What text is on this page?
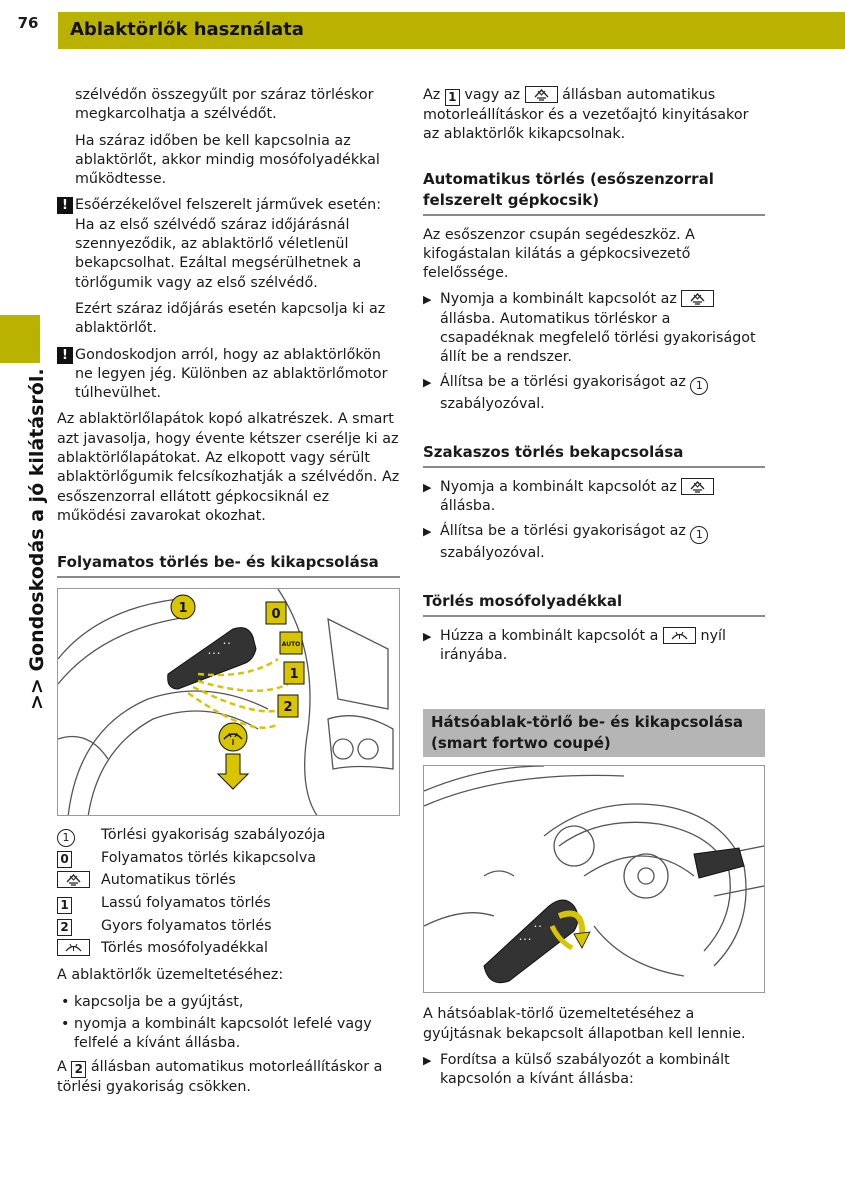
76	Ablaktörlők használata
>> Gondoskodás a jó kilátásról.
szélvédőn összegyűlt por száraz törléskor megkarcolhatja a szélvédőt.
Ha száraz időben be kell kapcsolnia az ablaktörlőt, akkor mindig mosófolyadékkal működtesse.
! Esőérzékelővel felszerelt járművek esetén: Ha az első szélvédő száraz időjárásnál szennyeződik, az ablaktörlő véletlenül bekapcsolhat. Ezáltal megsérülhetnek a törlőgumik vagy az első szélvédő.
Ezért száraz időjárás esetén kapcsolja ki az ablaktörlőt.
! Gondoskodjon arról, hogy az ablaktörlőkön ne legyen jég. Különben az ablaktörlőmotor túlhevülhet.
Az ablaktörlőlapátok kopó alkatrészek. A smart azt javasolja, hogy évente kétszer cserélje ki az ablaktörlőlapátokat. Az elkopott vagy sérült ablaktörlőgumik felcsíkozhatják a szélvédőn. Az esőszenzorral ellátott gépkocsiknál ez működési zavarokat okozhat.
Folyamatos törlés be- és kikapcsolása
• • •
• •
1	0
AUTO
1
2
1	Törlési gyakoriság szabályozója
0	Folyamatos törlés kikapcsolva
Automatikus törlés
1	Lassú folyamatos törlés
2	Gyors folyamatos törlés
Törlés mosófolyadékkal
A ablaktörlők üzemeltetéséhez:
• kapcsolja be a gyújtást,
• nyomja a kombinált kapcsolót lefelé vagy felfelé a kívánt állásba.
A 2 állásban automatikus motorleállításkor a törlési gyakoriság csökken.
Az 1 vagy az	állásban automatikus motorleállításkor és a vezetőajtó kinyitásakor az ablaktörlők kikapcsolnak.
Automatikus törlés (esőszenzorral felszerelt gépkocsik)
Az esőszenzor csupán segédeszköz. A kifogástalan kilátás a gépkocsivezető felelőssége.
▶ Nyomja a kombinált kapcsolót az  állásba. Automatikus törléskor a csapadéknak megfelelő törlési gyakoriságot állít be a rendszer.
▶ Állítsa be a törlési gyakoriságot az 1 szabályozóval.
Szakaszos törlés bekapcsolása
▶ Nyomja a kombinált kapcsolót az  állásba.
▶ Állítsa be a törlési gyakoriságot az 1 szabályozóval.
Törlés mosófolyadékkal
▶ Húzza a kombinált kapcsolót a	nyíl irányába.
Hátsóablak-törlő be- és kikapcsolása (smart fortwo coupé)
• • •
• •
A hátsóablak-törlő üzemeltetéséhez a gyújtásnak bekapcsolt állapotban kell lennie.
▶ Fordítsa a külső szabályozót a kombinált kapcsolón a kívánt állásba:
